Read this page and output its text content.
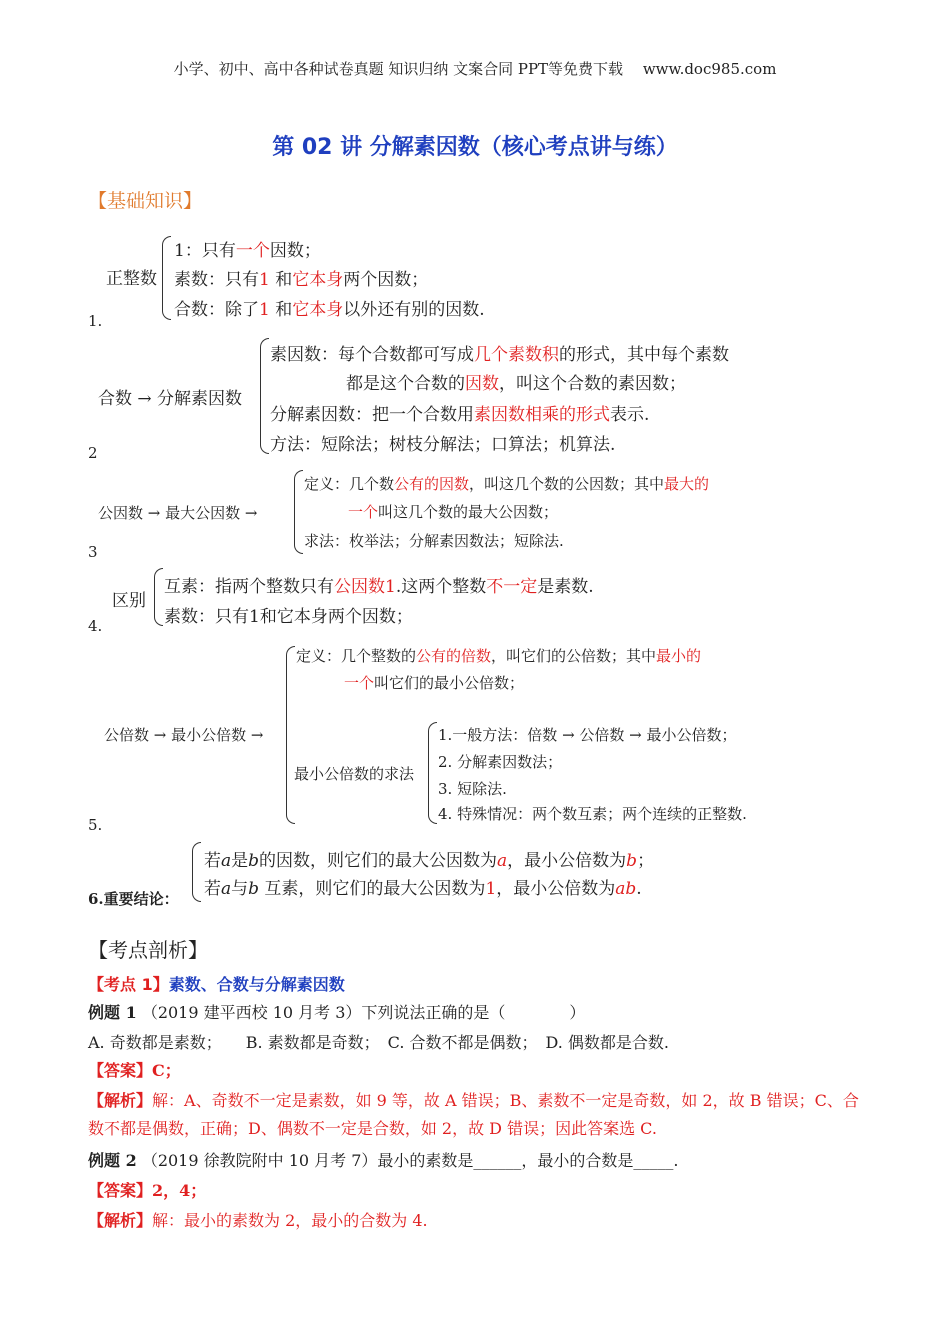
小学、初中、高中各种试卷真题 知识归纳 文案合同 PPT等免费下载　 www.doc985.com
第 02 讲 分解素因数（核心考点讲与练）
【基础知识】
正整数
1：只有一个因数；
素数：只有1 和它本身两个因数；
合数：除了1 和它本身以外还有别的因数.
1.
合数 → 分解素因数
素因数：每个合数都可写成几个素数积的形式，其中每个素数
都是这个合数的因数，叫这个合数的素因数；
分解素因数：把一个合数用素因数相乘的形式表示.
方法：短除法；树枝分解法；口算法；机算法.
2
公因数 → 最大公因数 →
定义：几个数公有的因数，叫这几个数的公因数；其中最大的
一个叫这几个数的最大公因数；
求法：枚举法；分解素因数法；短除法.
3
区别
互素：指两个整数只有公因数1.这两个整数不一定是素数.
素数：只有1和它本身两个因数；
4.
公倍数 → 最小公倍数 →
定义：几个整数的公有的倍数，叫它们的公倍数；其中最小的
一个叫它们的最小公倍数；
最小公倍数的求法
1.一般方法：倍数 → 公倍数 → 最小公倍数；
2. 分解素因数法；
3. 短除法.
4. 特殊情况：两个数互素；两个连续的正整数.
5.
若a是b的因数，则它们的最大公因数为a，最小公倍数为b；
若a与b 互素，则它们的最大公因数为1，最小公倍数为ab.
6.重要结论：
【考点剖析】
【考点 1】素数、合数与分解素因数
例题 1 （2019 建平西校 10 月考 3）下列说法正确的是（　　　　）
A. 奇数都是素数；　　B. 素数都是奇数；　C. 合数不都是偶数；　D. 偶数都是合数.
【答案】C；
【解析】解：A、奇数不一定是素数，如 9 等，故 A 错误；B、素数不一定是奇数，如 2，故 B 错误；C、合
数不都是偶数，正确；D、偶数不一定是合数，如 2，故 D 错误；因此答案选 C.
例题 2 （2019 徐教院附中 10 月考 7）最小的素数是______，最小的合数是_____.
【答案】2，4；
【解析】解：最小的素数为 2，最小的合数为 4.
